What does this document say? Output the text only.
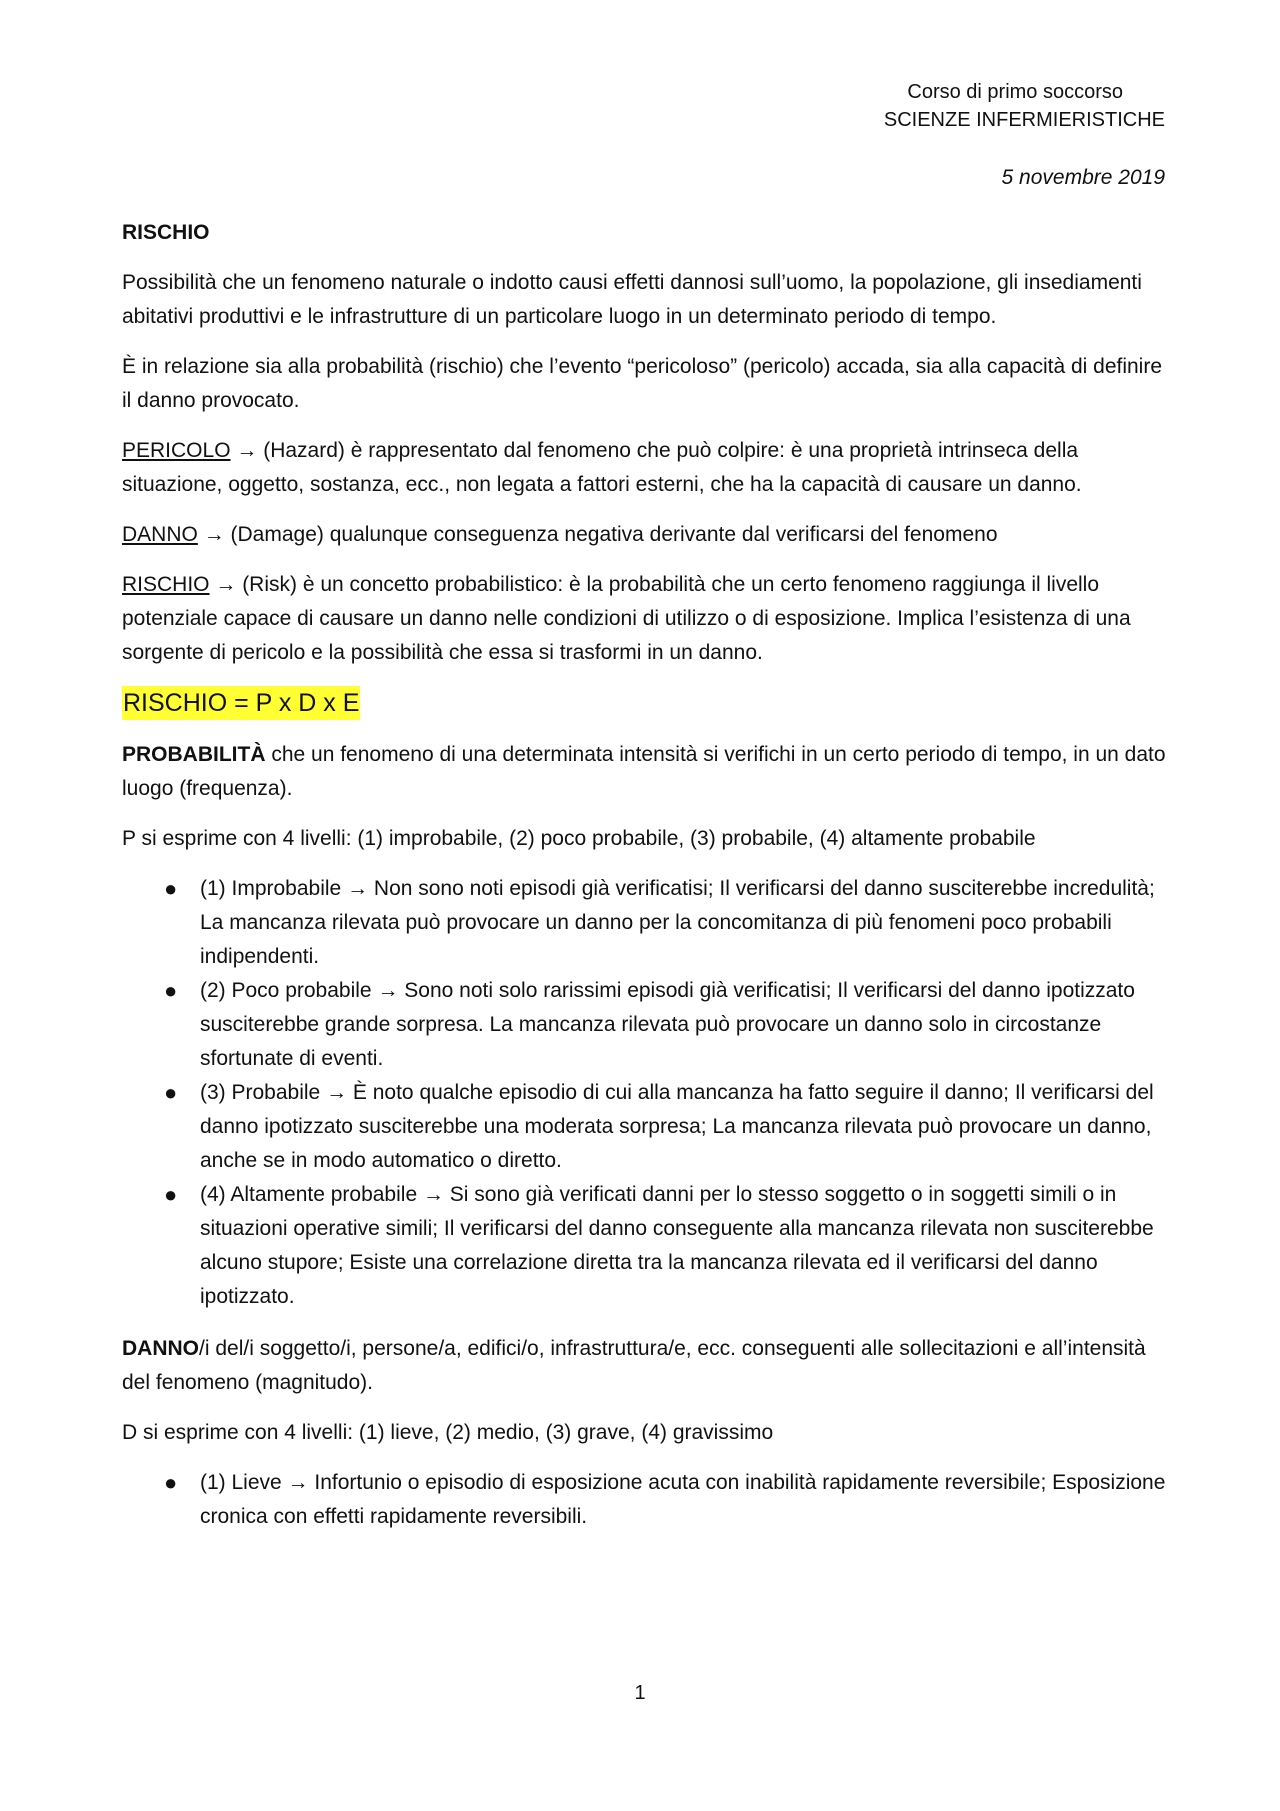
Corso di primo soccorso
SCIENZE INFERMIERISTICHE
5 novembre 2019

RISCHIO

Possibilità che un fenomeno naturale o indotto causi effetti dannosi sull’uomo, la popolazione, gli insediamenti abitativi produttivi e le infrastrutture di un particolare luogo in un determinato periodo di tempo.

È in relazione sia alla probabilità (rischio) che l’evento “pericoloso” (pericolo) accada, sia alla capacità di definire il danno provocato.

PERICOLO → (Hazard) è rappresentato dal fenomeno che può colpire: è una proprietà intrinseca della situazione, oggetto, sostanza, ecc., non legata a fattori esterni, che ha la capacità di causare un danno.

DANNO → (Damage) qualunque conseguenza negativa derivante dal verificarsi del fenomeno

RISCHIO → (Risk) è un concetto probabilistico: è la probabilità che un certo fenomeno raggiunga il livello potenziale capace di causare un danno nelle condizioni di utilizzo o di esposizione. Implica l’esistenza di una sorgente di pericolo e la possibilità che essa si trasformi in un danno.

RISCHIO = P x D x E

PROBABILITÀ che un fenomeno di una determinata intensità si verifichi in un certo periodo di tempo, in un dato luogo (frequenza).

P si esprime con 4 livelli: (1) improbabile, (2) poco probabile, (3) probabile, (4) altamente probabile

● (1) Improbabile → Non sono noti episodi già verificatisi; Il verificarsi del danno susciterebbe incredulità; La mancanza rilevata può provocare un danno per la concomitanza di più fenomeni poco probabili indipendenti.
● (2) Poco probabile → Sono noti solo rarissimi episodi già verificatisi; Il verificarsi del danno ipotizzato susciterebbe grande sorpresa. La mancanza rilevata può provocare un danno solo in circostanze sfortunate di eventi.
● (3) Probabile → È noto qualche episodio di cui alla mancanza ha fatto seguire il danno; Il verificarsi del danno ipotizzato susciterebbe una moderata sorpresa; La mancanza rilevata può provocare un danno, anche se in modo automatico o diretto.
● (4) Altamente probabile → Si sono già verificati danni per lo stesso soggetto o in soggetti simili o in situazioni operative simili; Il verificarsi del danno conseguente alla mancanza rilevata non susciterebbe alcuno stupore; Esiste una correlazione diretta tra la mancanza rilevata ed il verificarsi del danno ipotizzato.

DANNO/i del/i soggetto/i, persone/a, edifici/o, infrastruttura/e, ecc. conseguenti alle sollecitazioni e all’intensità del fenomeno (magnitudo).

D si esprime con 4 livelli: (1) lieve, (2) medio, (3) grave, (4) gravissimo

● (1) Lieve → Infortunio o episodio di esposizione acuta con inabilità rapidamente reversibile; Esposizione cronica con effetti rapidamente reversibili.
1
